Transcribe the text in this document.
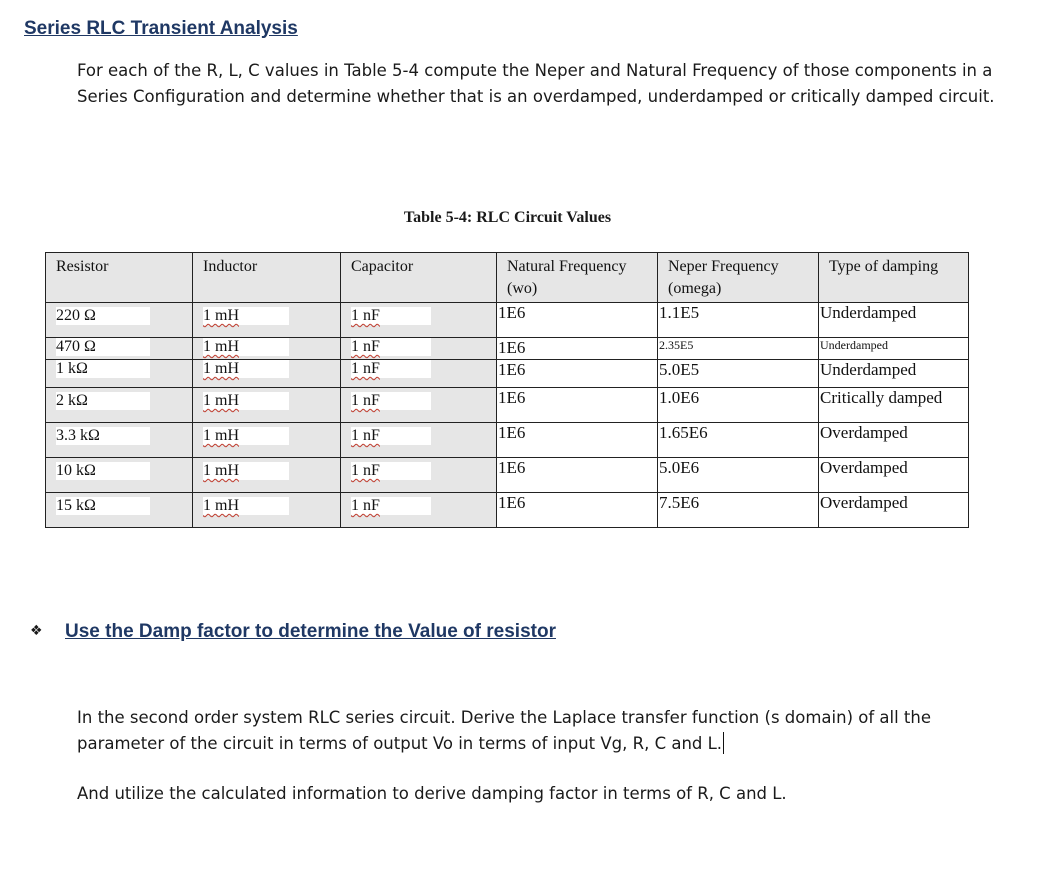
Series RLC Transient Analysis
For each of the R, L, C values in Table 5-4 compute the Neper and Natural Frequency of those components in a Series Configuration and determine whether that is an overdamped, underdamped or critically damped circuit.
Table 5-4: RLC Circuit Values
Resistor	Inductor	Capacitor	Natural Frequency (wo)	Neper Frequency (omega)	Type of damping

220 Ω	1 mH	1 nF	1E6	1.1E5	Underdamped

470 Ω	1 mH	1 nF	1E6	2.35E5	Underdamped

1 kΩ	1 mH	1 nF	1E6	5.0E5	Underdamped

2 kΩ	1 mH	1 nF	1E6	1.0E6	Critically damped

3.3 kΩ	1 mH	1 nF	1E6	1.65E6	Overdamped

10 kΩ	1 mH	1 nF	1E6	5.0E6	Overdamped

15 kΩ	1 mH	1 nF	1E6	7.5E6	Overdamped
❖ Use the Damp factor to determine the Value of resistor
In the second order system RLC series circuit. Derive the Laplace transfer function (s domain) of all the parameter of the circuit in terms of output Vo in terms of input Vg, R, C and L.
And utilize the calculated information to derive damping factor in terms of R, C and L.
